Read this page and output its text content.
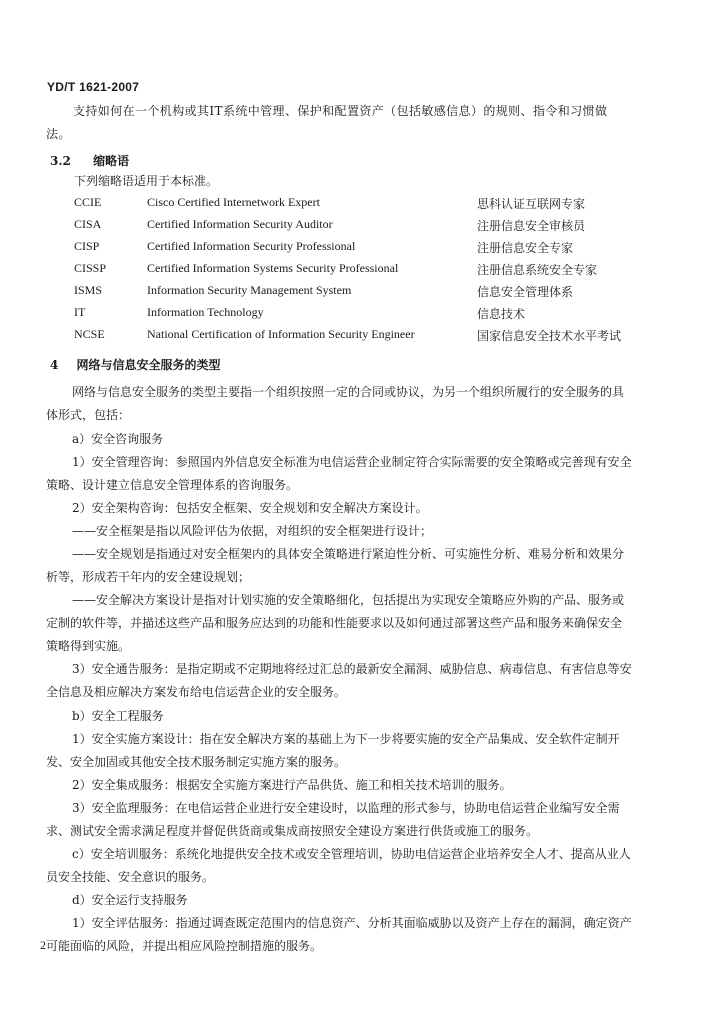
YD/T 1621-2007

支持如何在一个机构或其IT系统中管理、保护和配置资产（包括敏感信息）的规则、指令和习惯做法。

3.2 缩略语

下列缩略语适用于本标准。

CCIE	Cisco Certified Internetwork Expert	思科认证互联网专家
CISA	Certified Information Security Auditor	注册信息安全审核员
CISP	Certified Information Security Professional	注册信息安全专家
CISSP	Certified Information Systems Security Professional	注册信息系统安全专家
ISMS	Information Security Management System	信息安全管理体系
IT	Information Technology	信息技术
NCSE	National Certification of Information Security Engineer	国家信息安全技术水平考试
4 网络与信息安全服务的类型

网络与信息安全服务的类型主要指一个组织按照一定的合同或协议，为另一个组织所履行的安全服务的具体形式，包括：

a）安全咨询服务

1）安全管理咨询：参照国内外信息安全标准为电信运营企业制定符合实际需要的安全策略或完善现有安全策略、设计建立信息安全管理体系的咨询服务。

2）安全架构咨询：包括安全框架、安全规划和安全解决方案设计。

——安全框架是指以风险评估为依据，对组织的安全框架进行设计；

——安全规划是指通过对安全框架内的具体安全策略进行紧迫性分析、可实施性分析、难易分析和效果分析等，形成若干年内的安全建设规划；

——安全解决方案设计是指对计划实施的安全策略细化，包括提出为实现安全策略应外购的产品、服务或定制的软件等，并描述这些产品和服务应达到的功能和性能要求以及如何通过部署这些产品和服务来确保安全策略得到实施。

3）安全通告服务：是指定期或不定期地将经过汇总的最新安全漏洞、威胁信息、病毒信息、有害信息等安全信息及相应解决方案发布给电信运营企业的安全服务。

b）安全工程服务

1）安全实施方案设计：指在安全解决方案的基础上为下一步将要实施的安全产品集成、安全软件定制开发、安全加固或其他安全技术服务制定实施方案的服务。

2）安全集成服务：根据安全实施方案进行产品供货、施工和相关技术培训的服务。

3）安全监理服务：在电信运营企业进行安全建设时，以监理的形式参与，协助电信运营企业编写安全需求、测试安全需求满足程度并督促供货商或集成商按照安全建设方案进行供货或施工的服务。

c）安全培训服务：系统化地提供安全技术或安全管理培训，协助电信运营企业培养安全人才、提高从业人员安全技能、安全意识的服务。

d）安全运行支持服务

1）安全评估服务：指通过调查既定范围内的信息资产、分析其面临威胁以及资产上存在的漏洞，确定资产可能面临的风险，并提出相应风险控制措施的服务。

2
